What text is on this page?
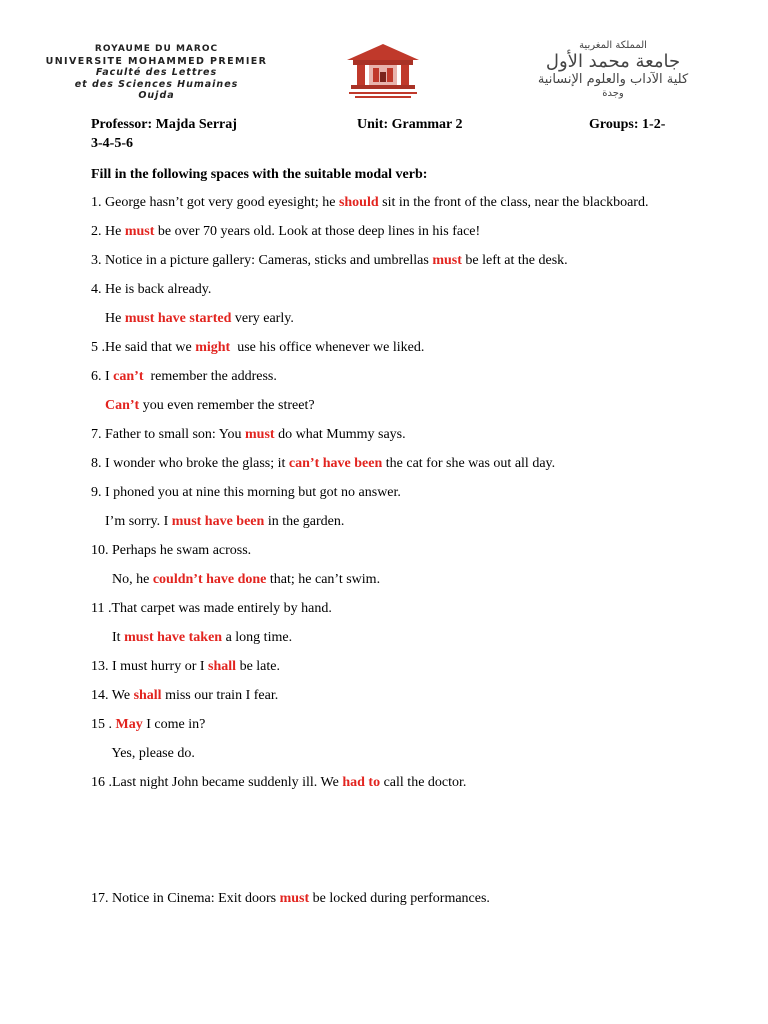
ROYAUME DU MAROC
UNIVERSITE MOHAMMED PREMIER
Faculté des Lettres
et des Sciences Humaines
Oujda
المملكة المغربية
جامعة محمد الأول
كلية الآداب والعلوم الإنسانية
وجدة
Professor: Majda Serraj	Unit: Grammar 2	Groups: 1-2-
3-4-5-6
Fill in the following spaces with the suitable modal verb:
1. George hasn’t got very good eyesight; he should sit in the front of the class, near the blackboard.
2. He must be over 70 years old. Look at those deep lines in his face!
3. Notice in a picture gallery: Cameras, sticks and umbrellas must be left at the desk.
4. He is back already.
He must have started very early.
5 .He said that we might  use his office whenever we liked.
6. I can’t  remember the address.
Can’t you even remember the street?
7. Father to small son: You must do what Mummy says.
8. I wonder who broke the glass; it can’t have been the cat for she was out all day.
9. I phoned you at nine this morning but got no answer.
I’m sorry. I must have been in the garden.
10. Perhaps he swam across.
No, he couldn’t have done that; he can’t swim.
11 .That carpet was made entirely by hand.
It must have taken a long time.
13. I must hurry or I shall be late.
14. We shall miss our train I fear.
15 . May I come in?
Yes, please do.
16 .Last night John became suddenly ill. We had to call the doctor.
17. Notice in Cinema: Exit doors must be locked during performances.
